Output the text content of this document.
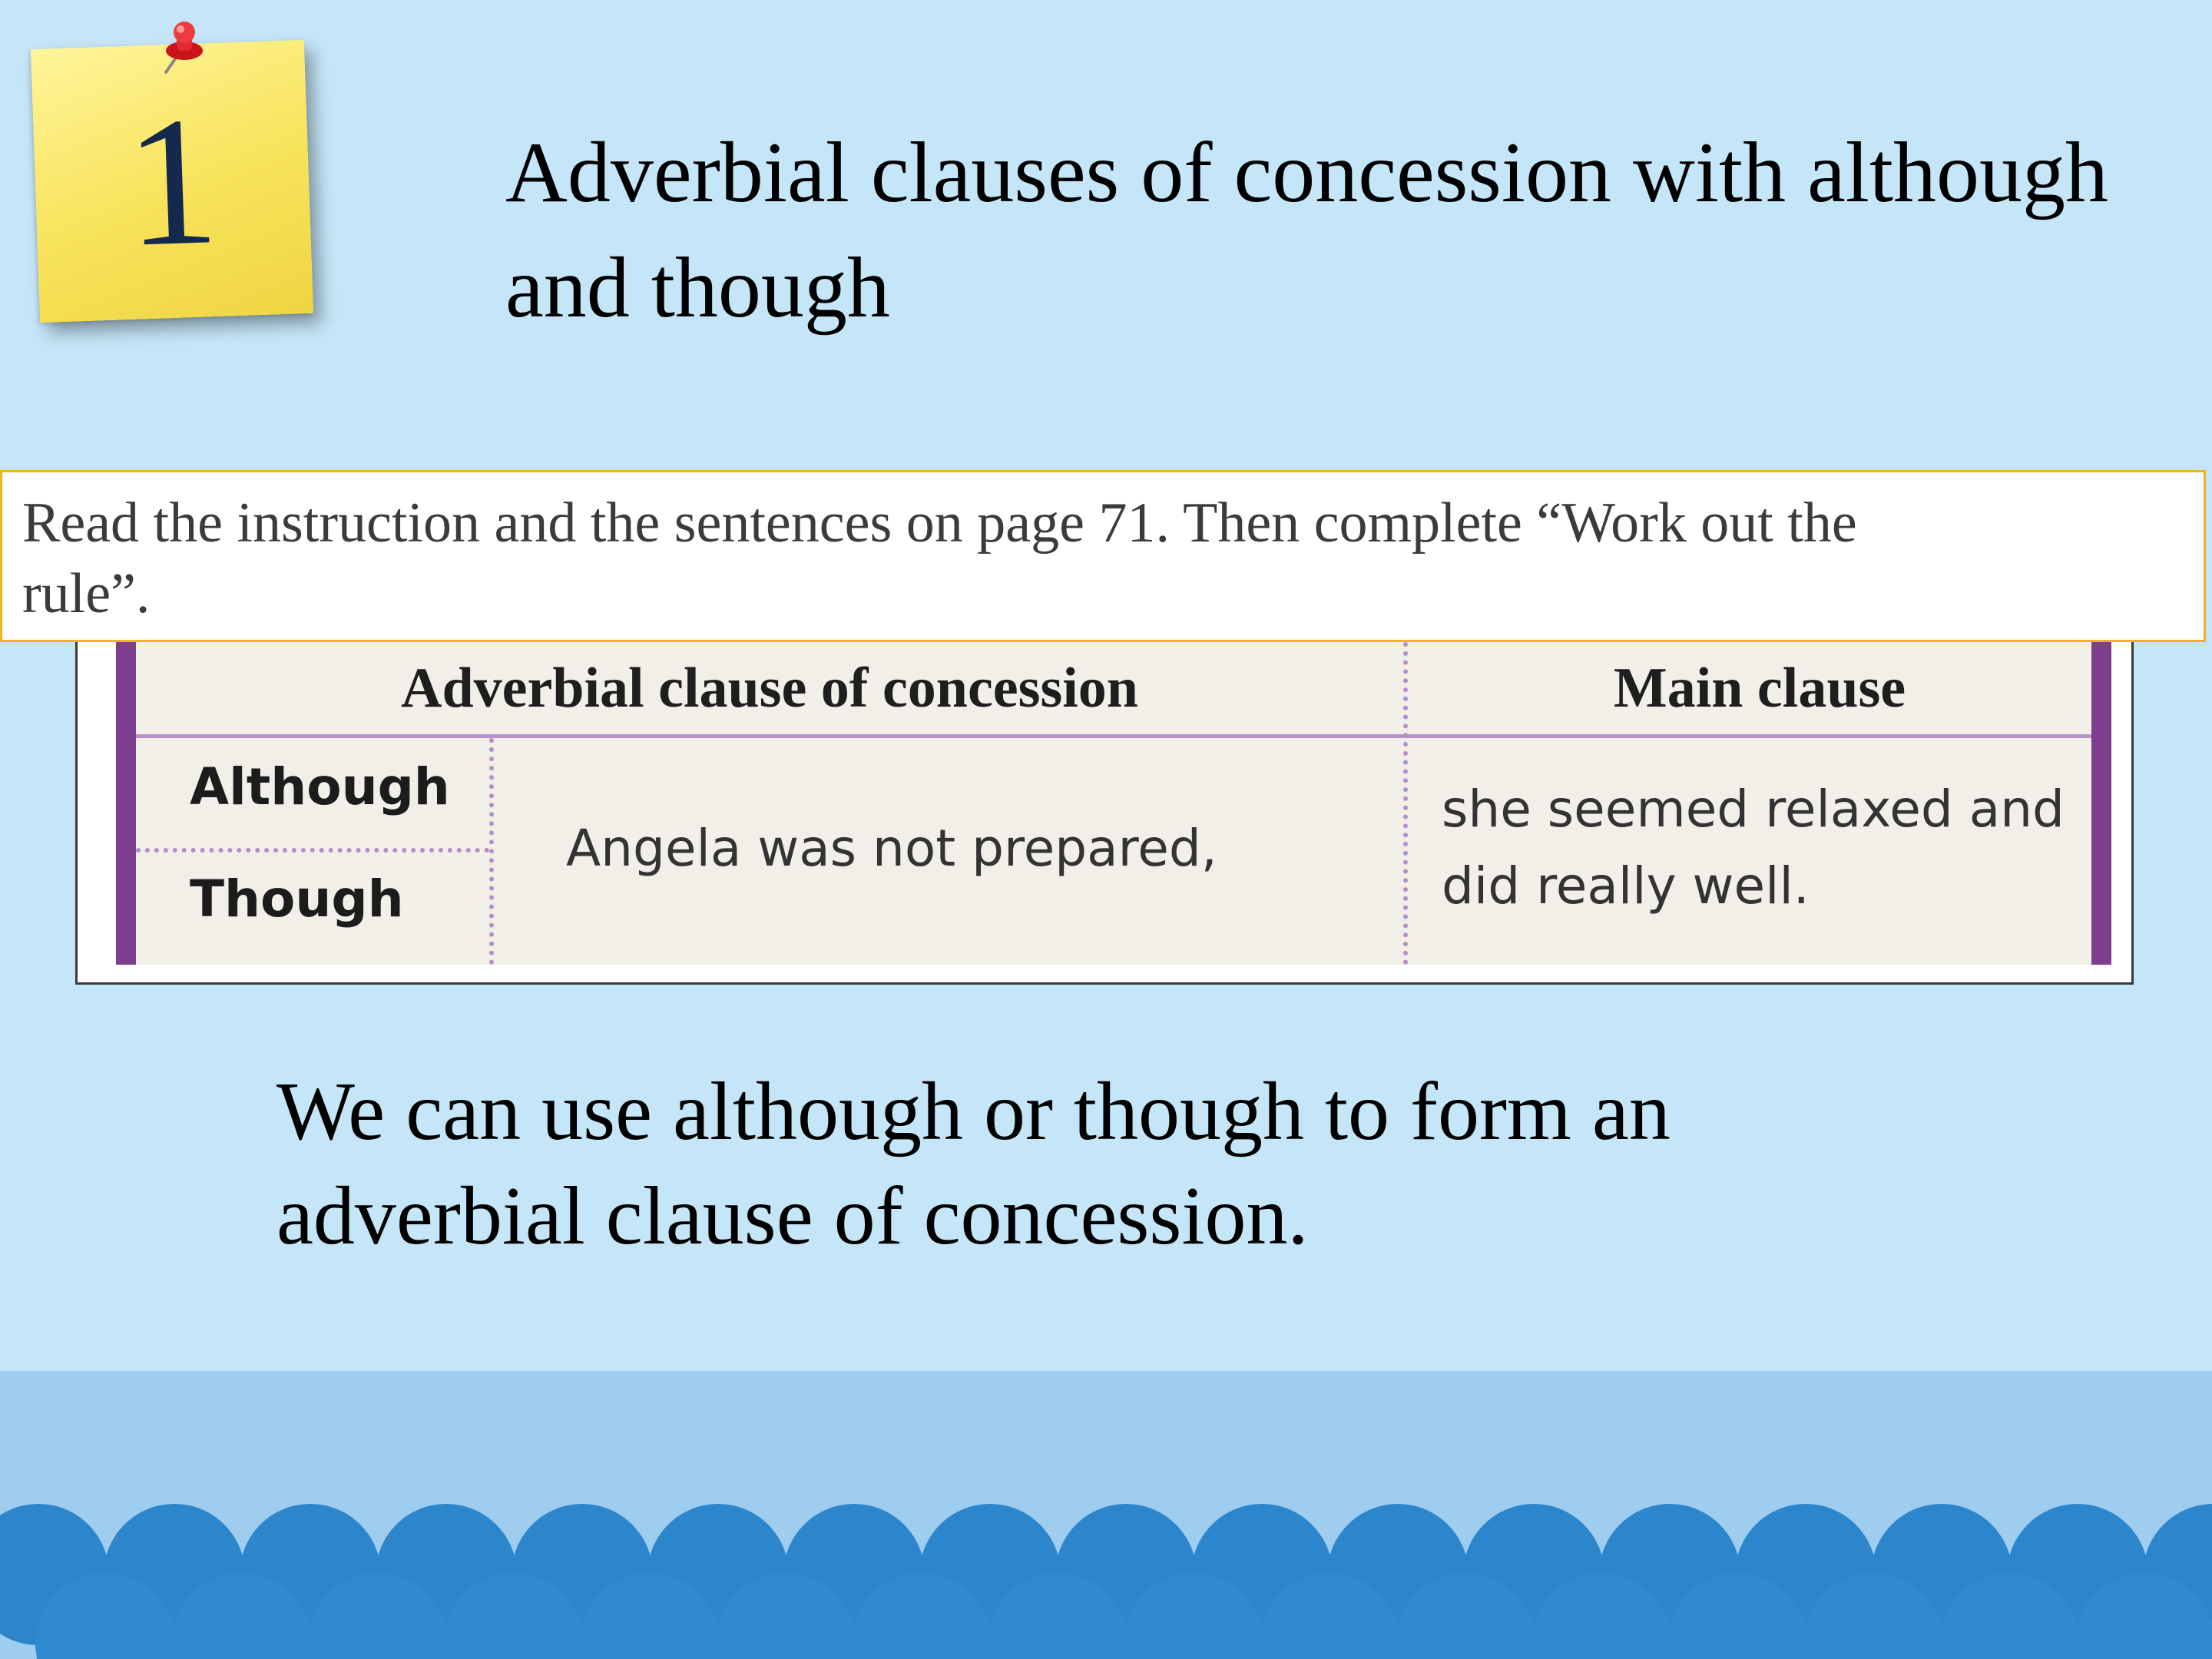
1	Adverbial clauses of concession with although
and though
Read the instruction and the sentences on page 71. Then complete “Work out the
rule”.
Adverbial clause of concession	Main clause
Although
Though
Angela was not prepared,
she seemed relaxed and
did really well.
We can use although or though to form an
adverbial clause of concession.
